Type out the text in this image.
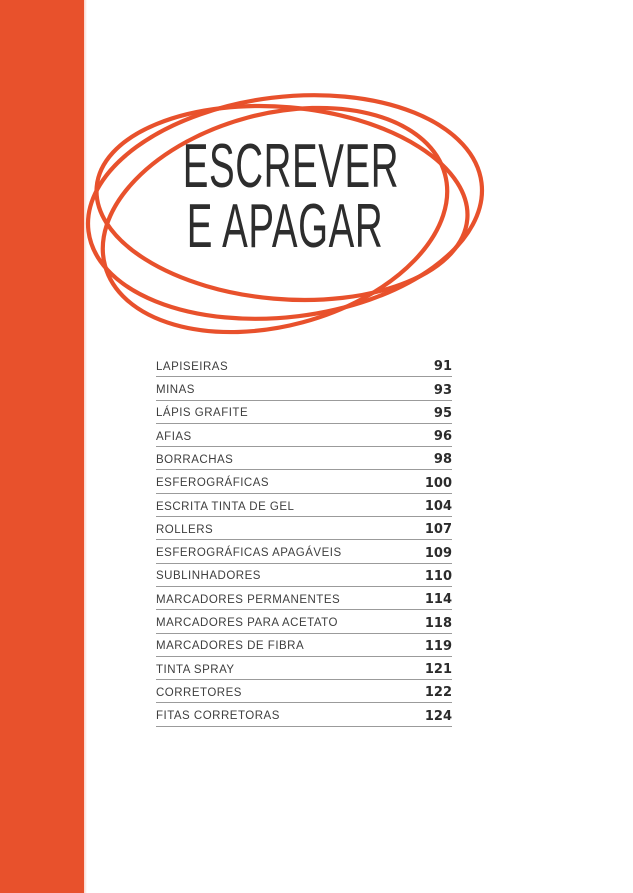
ESCREVER
E APAGAR
LAPISEIRAS	91
MINAS	93
LÁPIS GRAFITE	95
AFIAS	96
BORRACHAS	98
ESFEROGRÁFICAS	100
ESCRITA TINTA DE GEL	104
ROLLERS	107
ESFEROGRÁFICAS APAGÁVEIS	109
SUBLINHADORES	110
MARCADORES PERMANENTES	114
MARCADORES PARA ACETATO	118
MARCADORES DE FIBRA	119
TINTA SPRAY	121
CORRETORES	122
FITAS CORRETORAS	124
